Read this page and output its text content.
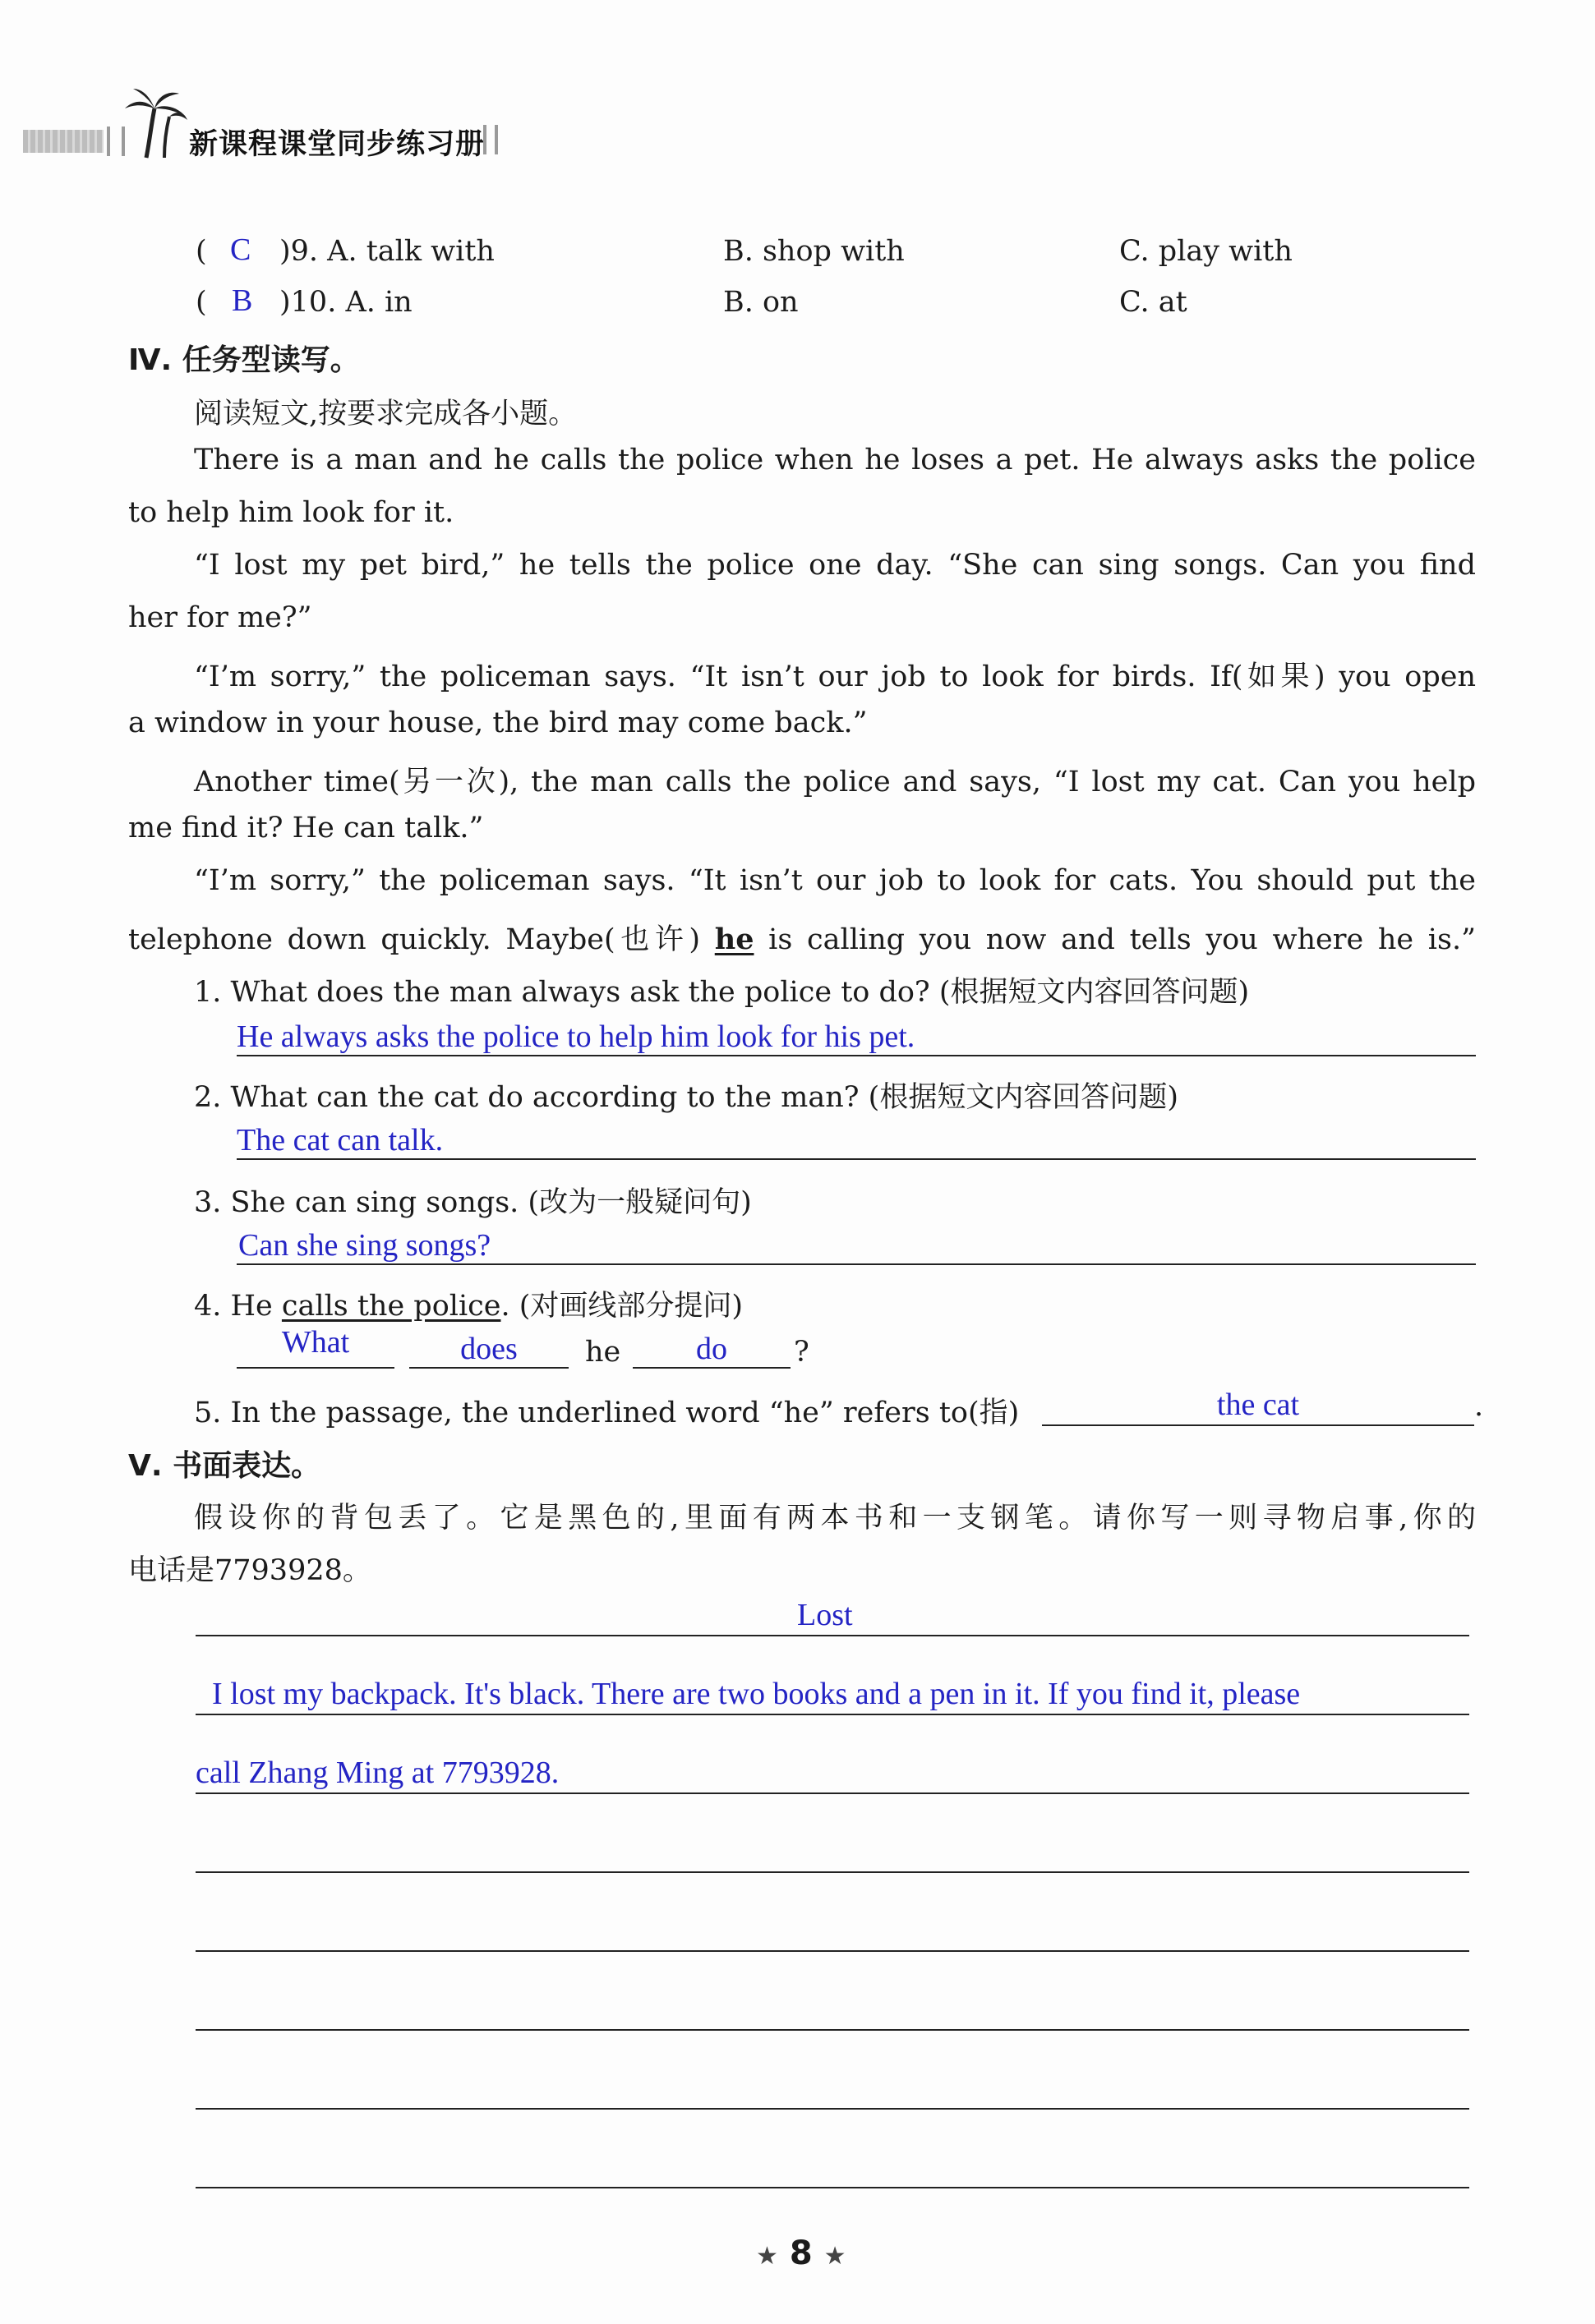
新课程课堂同步练习册
( C )9. A. talk with	B. shop with	C. play with
( B )10. A. in	B. on	C. at
Ⅳ. 任务型读写。
阅读短文,按要求完成各小题。
There is a man and he calls the police when he loses a pet. He always asks the police
to help him look for it.
“I lost my pet bird,” he tells the police one day. “She can sing songs. Can you find
her for me?”
“I’m sorry,” the policeman says. “It isn’t our job to look for birds. If(如果) you open
a window in your house, the bird may come back.”
Another time(另一次), the man calls the police and says, “I lost my cat. Can you help
me find it? He can talk.”
“I’m sorry,” the policeman says. “It isn’t our job to look for cats. You should put the
telephone down quickly. Maybe(也许) he is calling you now and tells you where he is.”
1. What does the man always ask the police to do? (根据短文内容回答问题)
He always asks the police to help him look for his pet.
2. What can the cat do according to the man? (根据短文内容回答问题)
The cat can talk.
3. She can sing songs. (改为一般疑问句)
Can she sing songs?
4. He calls the police. (对画线部分提问)
What	does	he	do	?
5. In the passage, the underlined word “he” refers to(指)	the cat	.
Ⅴ. 书面表达。
假设你的背包丢了。它是黑色的,里面有两本书和一支钢笔。请你写一则寻物启事,你的
电话是7793928。
Lost
I lost my backpack. It's black. There are two books and a pen in it. If you find it, please
call Zhang Ming at 7793928.
★ 8 ★
